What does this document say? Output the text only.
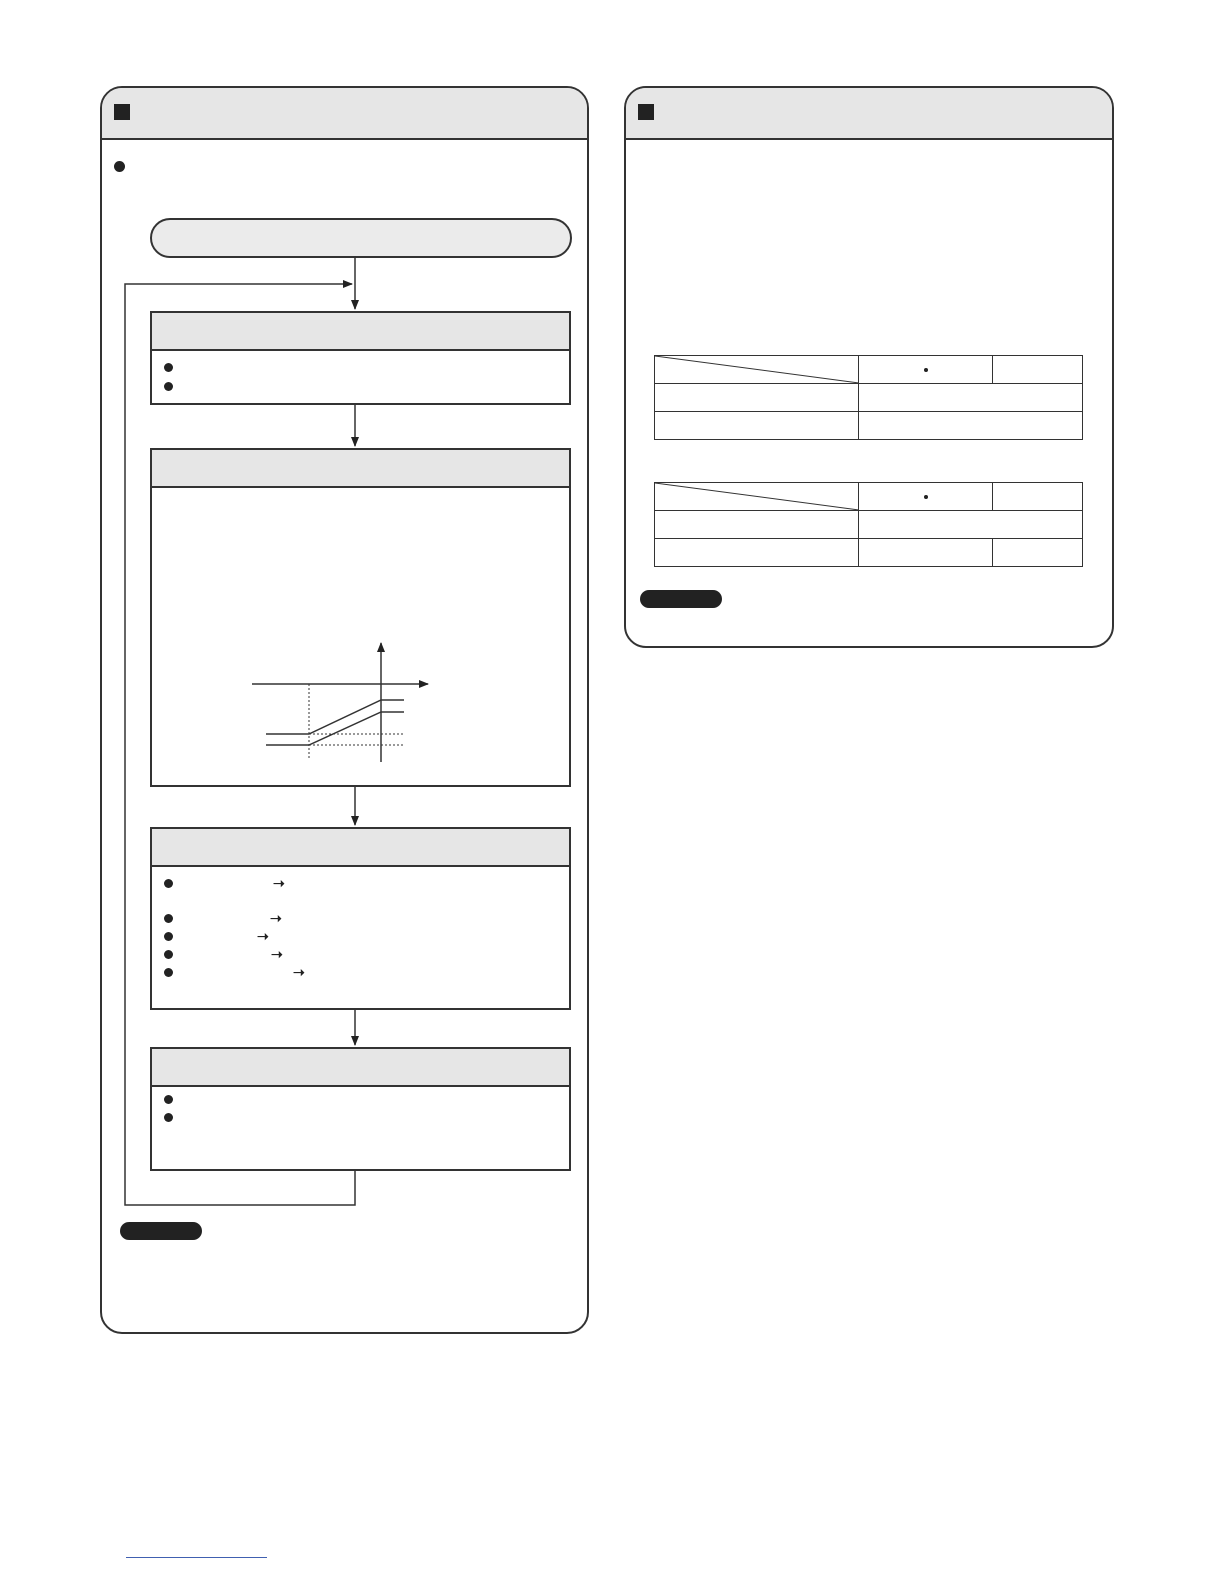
➝
➝
➝
➝
➝
